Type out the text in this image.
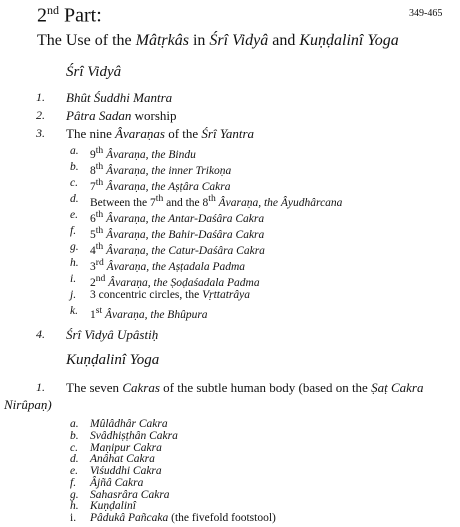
2nd Part:	349-465
The Use of the Mâtṛkâs in Śrî Vidyâ and Kuṇḍalinî Yoga
Śrî Vidyâ
1. Bhût Śuddhi Mantra
2. Pâtra Sadan worship
3. The nine Âvaraṇas of the Śrî Yantra
a. 9th Âvaraṇa, the Bindu
b. 8th Âvaraṇa, the inner Trikoṇa
c. 7th Âvaraṇa, the Aṣṭâra Cakra
d. Between the 7th and the 8th Âvaraṇa, the Âyudhârcana
e. 6th Âvaraṇa, the Antar-Daśâra Cakra
f. 5th Âvaraṇa, the Bahir-Daśâra Cakra
g. 4th Âvaraṇa, the Catur-Daśâra Cakra
h. 3rd Âvaraṇa, the Aṣṭadala Padma
i. 2nd Âvaraṇa, the Ṣoḍaśadala Padma
j. 3 concentric circles, the Vṛttatrâya
k. 1st Âvaraṇa, the Bhûpura
4. Śrî Vidyâ Upâstiḥ
Kuṇḍalinî Yoga
1. The seven Cakras of the subtle human body (based on the Ṣaṭ Cakra
Nirûpaṇ)
a. Mûlâdhâr Cakra
b. Svâdhiṣṭhân Cakra
c. Maṇipur Cakra
d. Anâhat Cakra
e. Viśuddhi Cakra
f. Âjñâ Cakra
g. Sahasrâra Cakra
h. Kuṇḍalinî
i. Pâdukâ Pañcaka (the fivefold footstool)
